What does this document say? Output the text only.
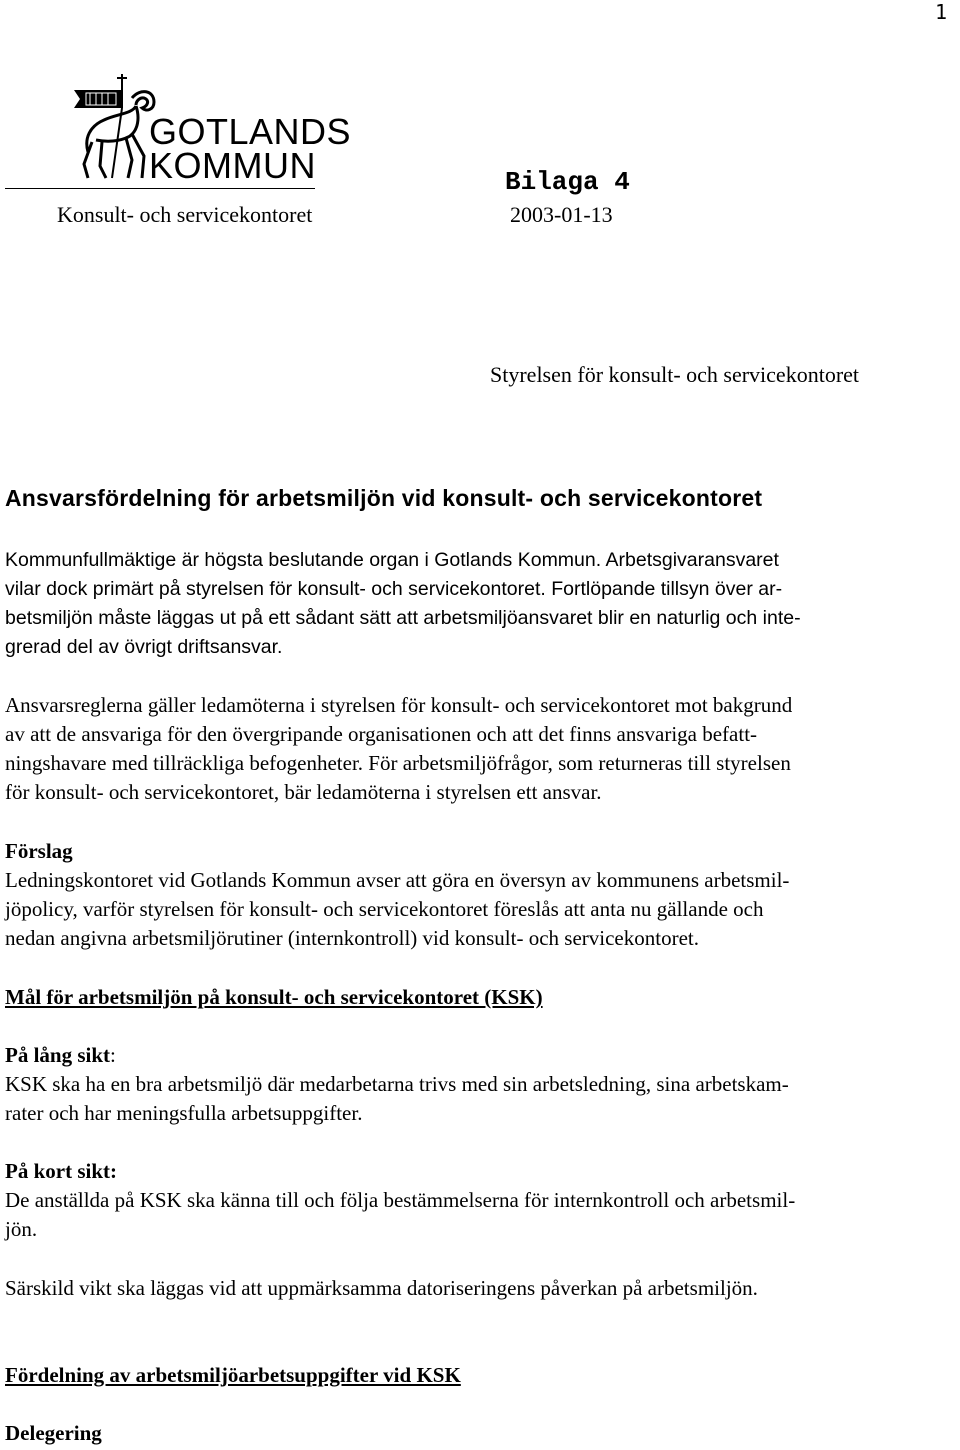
1
GOTLANDS
KOMMUN	Bilaga 4
Konsult- och servicekontoret	2003-01-13
Styrelsen för konsult- och servicekontoret
Ansvarsfördelning för arbetsmiljön vid konsult- och servicekontoret
Kommunfullmäktige är högsta beslutande organ i Gotlands Kommun. Arbetsgivaransvaret
vilar dock primärt på styrelsen för konsult- och servicekontoret. Fortlöpande tillsyn över ar-
betsmiljön måste läggas ut på ett sådant sätt att arbetsmiljöansvaret blir en naturlig och inte-
grerad del av övrigt driftsansvar.
Ansvarsreglerna gäller ledamöterna i styrelsen för konsult- och servicekontoret mot bakgrund
av att de ansvariga för den övergripande organisationen och att det finns ansvariga befatt-
ningshavare med tillräckliga befogenheter. För arbetsmiljöfrågor, som returneras till styrelsen
för konsult- och servicekontoret, bär ledamöterna i styrelsen ett ansvar.
Förslag
Ledningskontoret vid Gotlands Kommun avser att göra en översyn av kommunens arbetsmil-
jöpolicy, varför styrelsen för konsult- och servicekontoret föreslås att anta nu gällande och
nedan angivna arbetsmiljörutiner (internkontroll) vid konsult- och servicekontoret.
Mål för arbetsmiljön på konsult- och servicekontoret (KSK)
På lång sikt:
KSK ska ha en bra arbetsmiljö där medarbetarna trivs med sin arbetsledning, sina arbetskam-
rater och har meningsfulla arbetsuppgifter.
På kort sikt:
De anställda på KSK ska känna till och följa bestämmelserna för internkontroll och arbetsmil-
jön.
Särskild vikt ska läggas vid att uppmärksamma datoriseringens påverkan på arbetsmiljön.
Fördelning av arbetsmiljöarbetsuppgifter vid KSK
Delegering
